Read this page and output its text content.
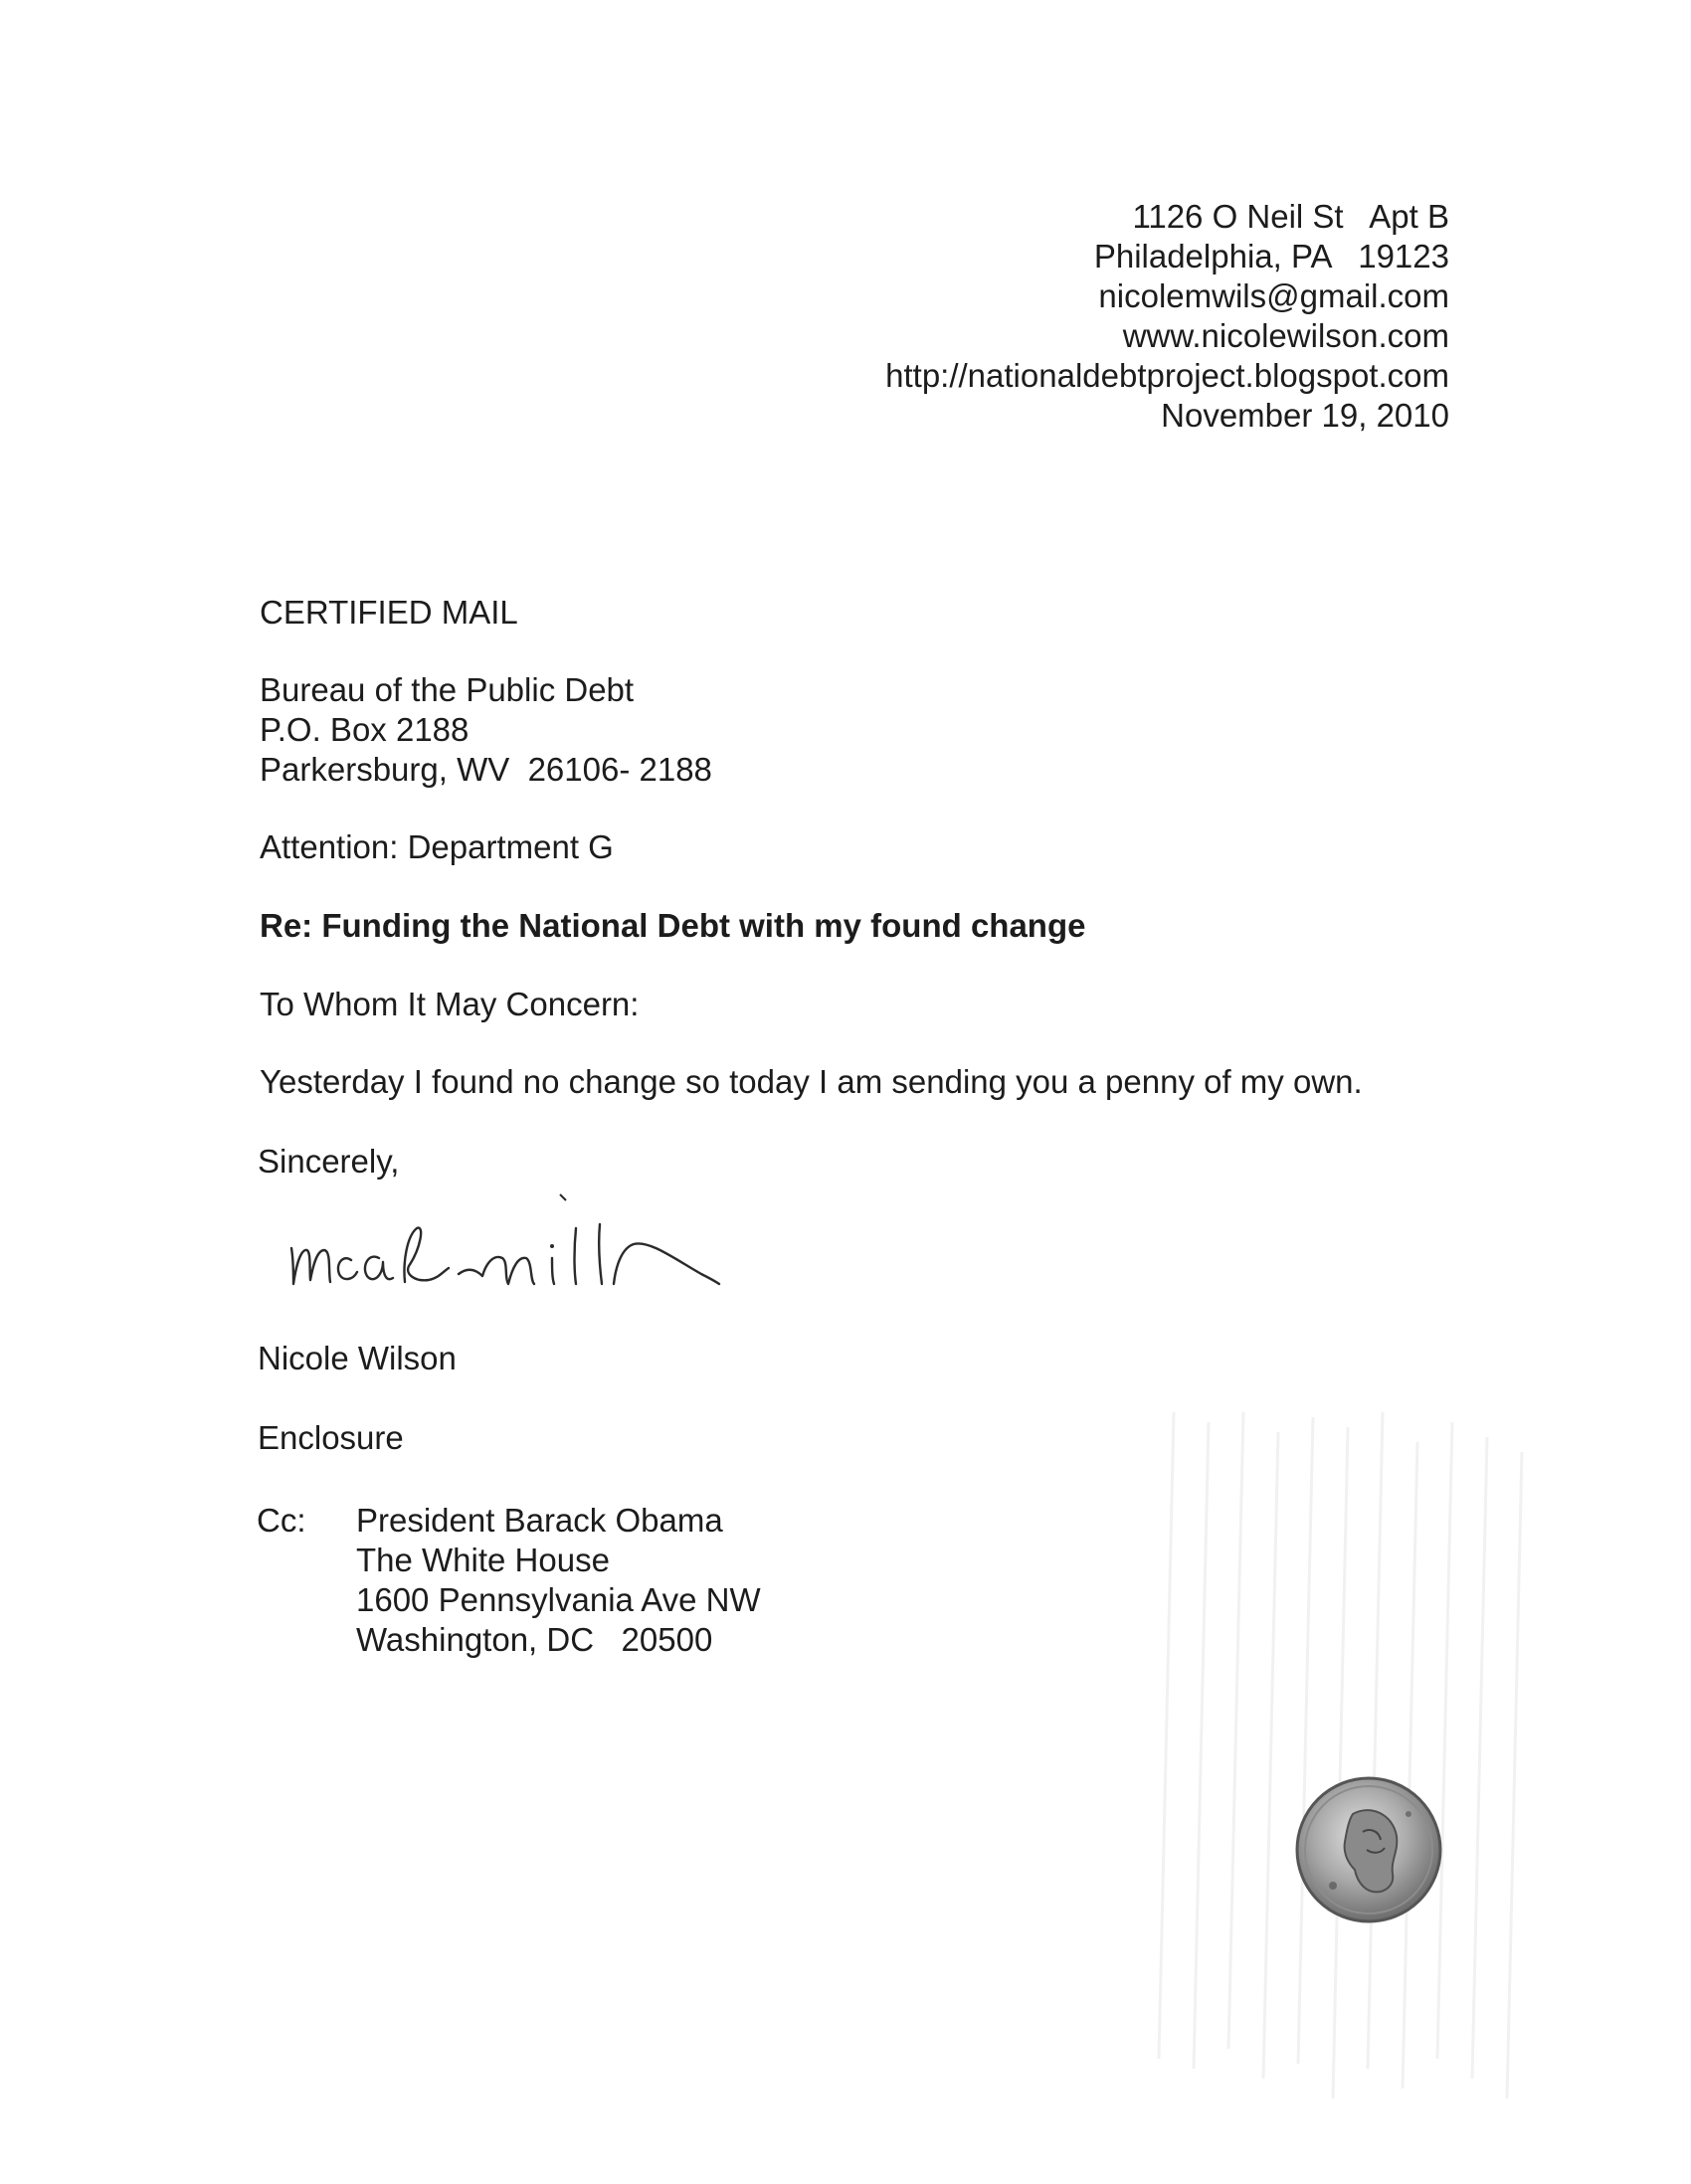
1126 O Neil St   Apt B
Philadelphia, PA   19123
nicolemwils@gmail.com
www.nicolewilson.com
http://nationaldebtproject.blogspot.com
November 19, 2010
CERTIFIED MAIL
Bureau of the Public Debt
P.O. Box 2188
Parkersburg, WV  26106- 2188
Attention: Department G
Re: Funding the National Debt with my found change
To Whom It May Concern:
Yesterday I found no change so today I am sending you a penny of my own.
Sincerely,
Nicole Wilson
Nicole Wilson
Enclosure
Cc: President Barack Obama
The White House
1600 Pennsylvania Ave NW
Washington, DC   20500
